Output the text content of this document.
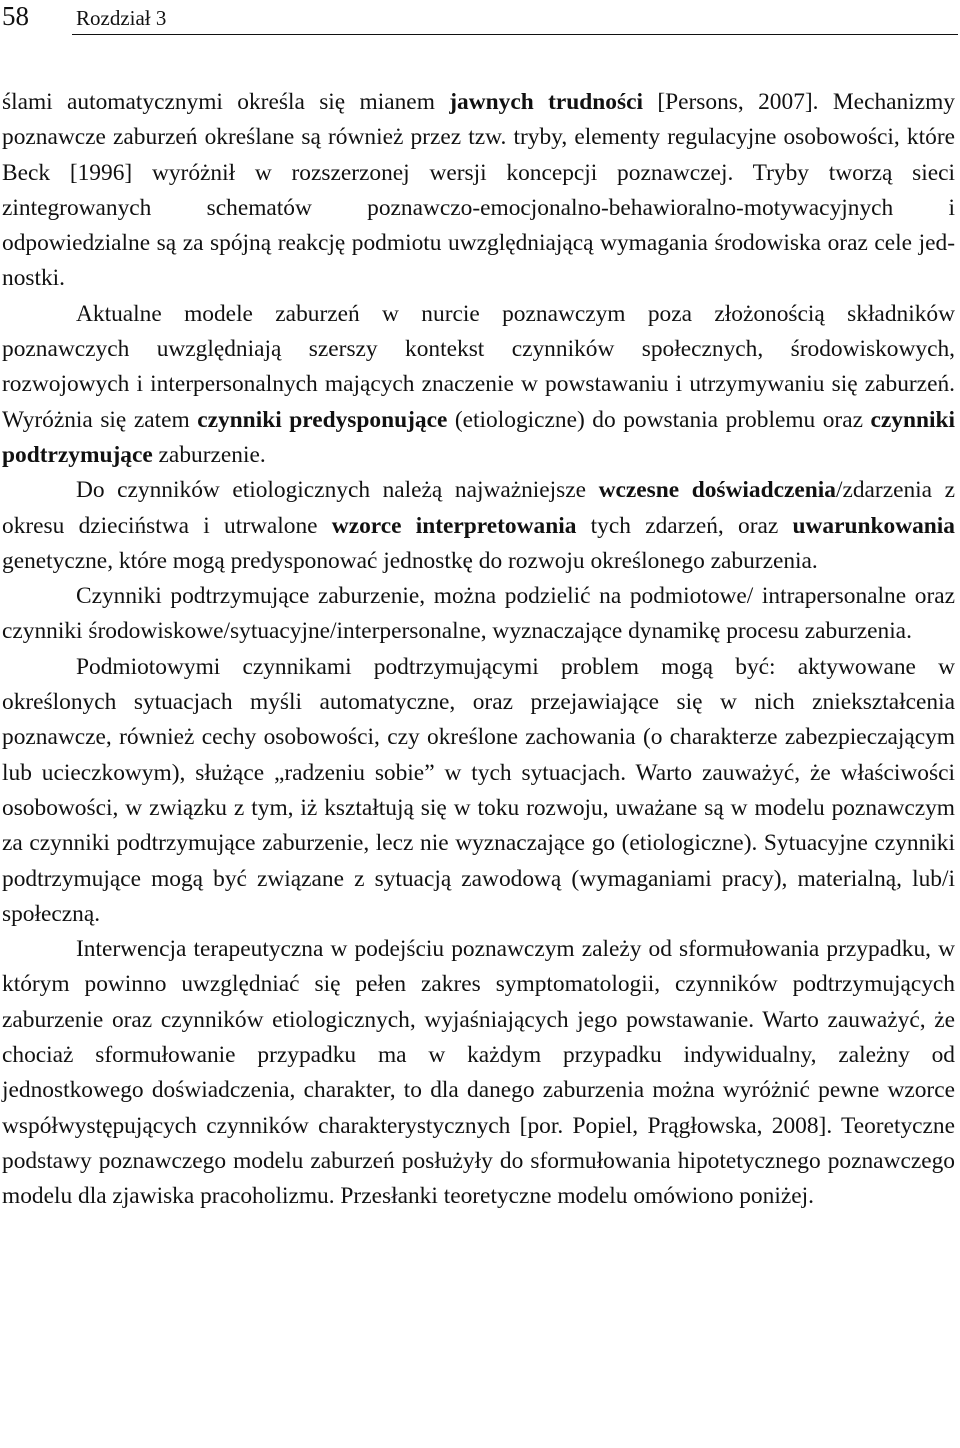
58 Rozdział 3

ślami automatycznymi określa się mianem jawnych trudności [Persons, 2007]. Mechanizmy poznawcze zaburzeń określane są również przez tzw. tryby, elementy regulacyjne osobowości, które Beck [1996] wyróżnił w rozszerzonej wersji koncepcji poznawczej. Tryby tworzą sieci zintegrowanych schematów poznawczo-emocjonalno-behawioralno-motywacyjnych i odpowiedzialne są za spójną reakcję podmiotu uwzględniającą wymagania środowiska oraz cele jednostki.

Aktualne modele zaburzeń w nurcie poznawczym poza złożonością składników poznawczych uwzględniają szerszy kontekst czynników społecznych, środowiskowych, rozwojowych i interpersonalnych mających znaczenie w powstawaniu i utrzymywaniu się zaburzeń. Wyróżnia się zatem czynniki predysponujące (etiologiczne) do powstania problemu oraz czynniki podtrzymujące zaburzenie.

Do czynników etiologicznych należą najważniejsze wczesne doświadczenia/zdarzenia z okresu dzieciństwa i utrwalone wzorce interpretowania tych zdarzeń, oraz uwarunkowania genetyczne, które mogą predysponować jednostkę do rozwoju określonego zaburzenia.

Czynniki podtrzymujące zaburzenie, można podzielić na podmiotowe/ intrapersonalne oraz czynniki środowiskowe/sytuacyjne/interpersonalne, wyznaczające dynamikę procesu zaburzenia.

Podmiotowymi czynnikami podtrzymującymi problem mogą być: aktywowane w określonych sytuacjach myśli automatyczne, oraz przejawiające się w nich zniekształcenia poznawcze, również cechy osobowości, czy określone zachowania (o charakterze zabezpieczającym lub ucieczkowym), służące „radzeniu sobie” w tych sytuacjach. Warto zauważyć, że właściwości osobowości, w związku z tym, iż kształtują się w toku rozwoju, uważane są w modelu poznawczym za czynniki podtrzymujące zaburzenie, lecz nie wyznaczające go (etiologiczne). Sytuacyjne czynniki podtrzymujące mogą być związane z sytuacją zawodową (wymaganiami pracy), materialną, lub/i społeczną.

Interwencja terapeutyczna w podejściu poznawczym zależy od sformułowania przypadku, w którym powinno uwzględniać się pełen zakres symptomatologii, czynników podtrzymujących zaburzenie oraz czynników etiologicznych, wyjaśniających jego powstawanie. Warto zauważyć, że chociaż sformułowanie przypadku ma w każdym przypadku indywidualny, zależny od jednostkowego doświadczenia, charakter, to dla danego zaburzenia można wyróżnić pewne wzorce współwystępujących czynników charakterystycznych [por. Popiel, Prągłowska, 2008]. Teoretyczne podstawy poznawczego modelu zaburzeń posłużyły do sformułowania hipotetycznego poznawczego modelu dla zjawiska pracoholizmu. Przesłanki teoretyczne modelu omówiono poniżej.
